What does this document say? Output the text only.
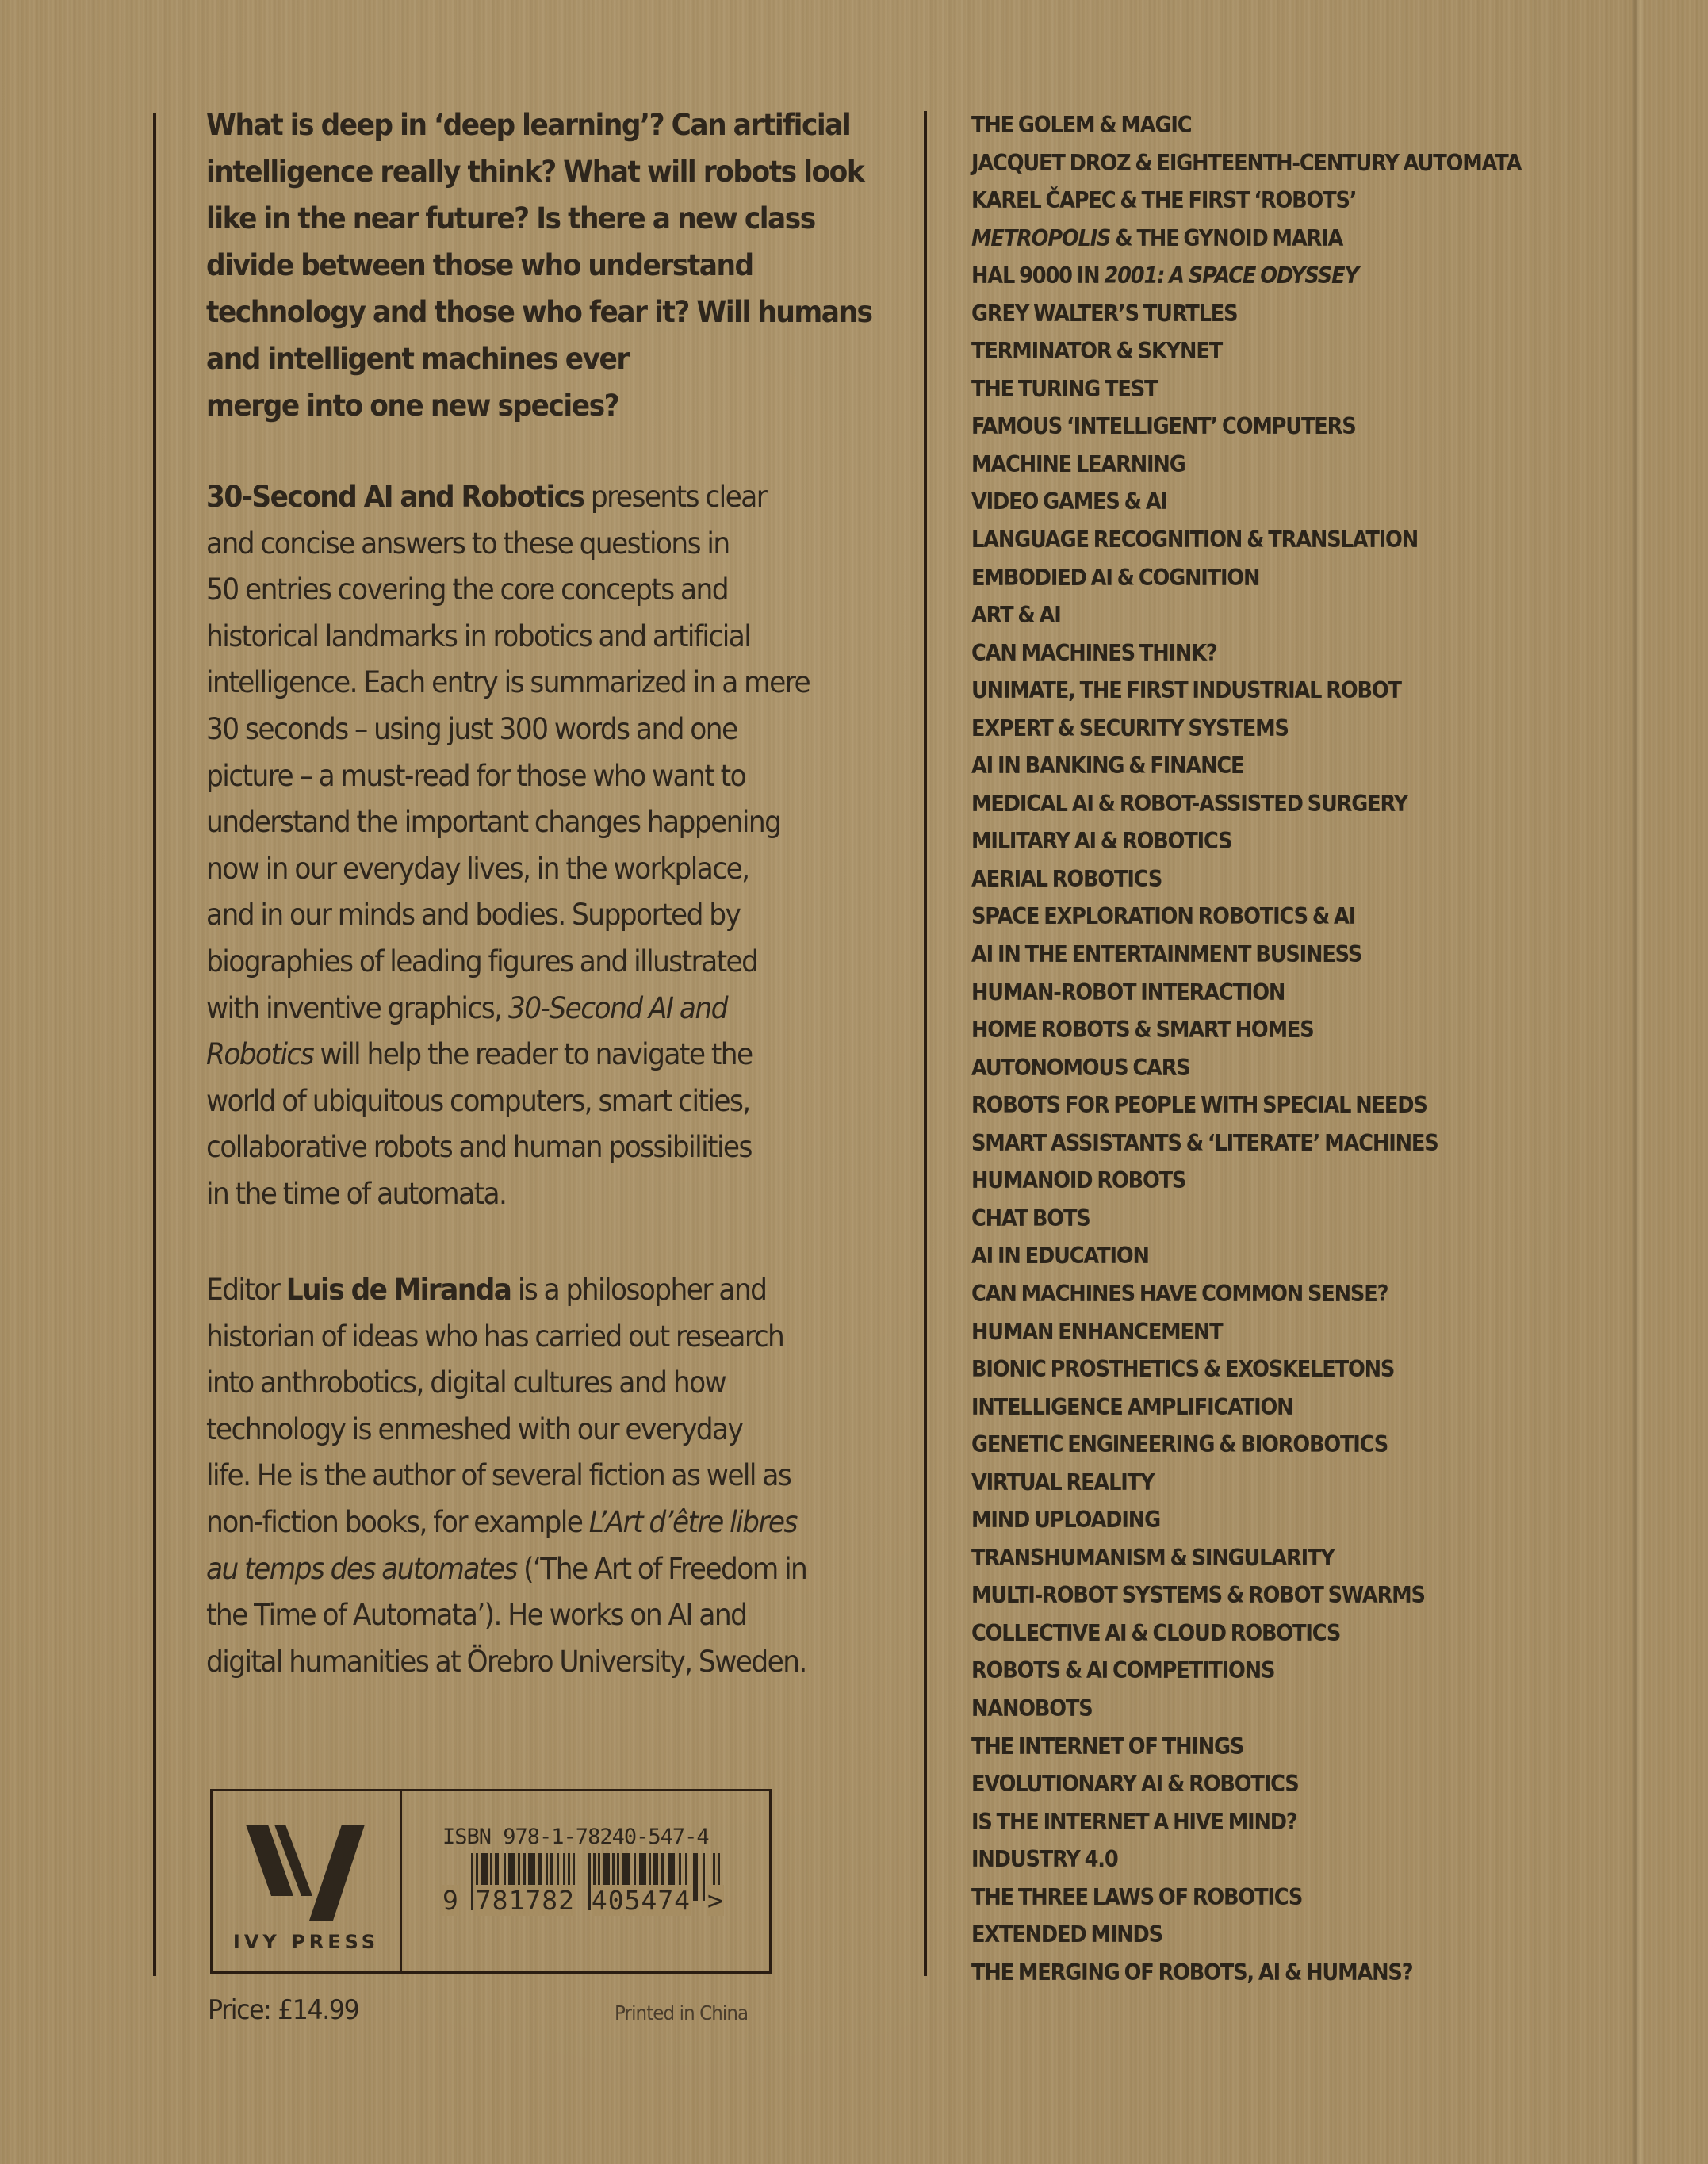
What is deep in ‘deep learning’? Can artificial
intelligence really think? What will robots look
like in the near future? Is there a new class
divide between those who understand
technology and those who fear it? Will humans
and intelligent machines ever
merge into one new species?

30-Second AI and Robotics presents clear
and concise answers to these questions in
50 entries covering the core concepts and
historical landmarks in robotics and artificial
intelligence. Each entry is summarized in a mere
30 seconds – using just 300 words and one
picture – a must-read for those who want to
understand the important changes happening
now in our everyday lives, in the workplace,
and in our minds and bodies. Supported by
biographies of leading figures and illustrated
with inventive graphics, 30-Second AI and
Robotics will help the reader to navigate the
world of ubiquitous computers, smart cities,
collaborative robots and human possibilities
in the time of automata.

Editor Luis de Miranda is a philosopher and
historian of ideas who has carried out research
into anthrobotics, digital cultures and how
technology is enmeshed with our everyday
life. He is the author of several fiction as well as
non-fiction books, for example L’Art d’être libres
au temps des automates (‘The Art of Freedom in
the Time of Automata’). He works on AI and
digital humanities at Örebro University, Sweden.

IVY PRESS
ISBN 978-1-78240-547-4
9 781782 405474 >
Price: £14.99	Printed in China
THE GOLEM & MAGIC
JACQUET DROZ & EIGHTEENTH-CENTURY AUTOMATA
KAREL ČAPEC & THE FIRST ‘ROBOTS’
METROPOLIS & THE GYNOID MARIA
HAL 9000 IN 2001: A SPACE ODYSSEY
GREY WALTER’S TURTLES
TERMINATOR & SKYNET
THE TURING TEST
FAMOUS ‘INTELLIGENT’ COMPUTERS
MACHINE LEARNING
VIDEO GAMES & AI
LANGUAGE RECOGNITION & TRANSLATION
EMBODIED AI & COGNITION
ART & AI
CAN MACHINES THINK?
UNIMATE, THE FIRST INDUSTRIAL ROBOT
EXPERT & SECURITY SYSTEMS
AI IN BANKING & FINANCE
MEDICAL AI & ROBOT-ASSISTED SURGERY
MILITARY AI & ROBOTICS
AERIAL ROBOTICS
SPACE EXPLORATION ROBOTICS & AI
AI IN THE ENTERTAINMENT BUSINESS
HUMAN-ROBOT INTERACTION
HOME ROBOTS & SMART HOMES
AUTONOMOUS CARS
ROBOTS FOR PEOPLE WITH SPECIAL NEEDS
SMART ASSISTANTS & ‘LITERATE’ MACHINES
HUMANOID ROBOTS
CHAT BOTS
AI IN EDUCATION
CAN MACHINES HAVE COMMON SENSE?
HUMAN ENHANCEMENT
BIONIC PROSTHETICS & EXOSKELETONS
INTELLIGENCE AMPLIFICATION
GENETIC ENGINEERING & BIOROBOTICS
VIRTUAL REALITY
MIND UPLOADING
TRANSHUMANISM & SINGULARITY
MULTI-ROBOT SYSTEMS & ROBOT SWARMS
COLLECTIVE AI & CLOUD ROBOTICS
ROBOTS & AI COMPETITIONS
NANOBOTS
THE INTERNET OF THINGS
EVOLUTIONARY AI & ROBOTICS
IS THE INTERNET A HIVE MIND?
INDUSTRY 4.0
THE THREE LAWS OF ROBOTICS
EXTENDED MINDS
THE MERGING OF ROBOTS, AI & HUMANS?
